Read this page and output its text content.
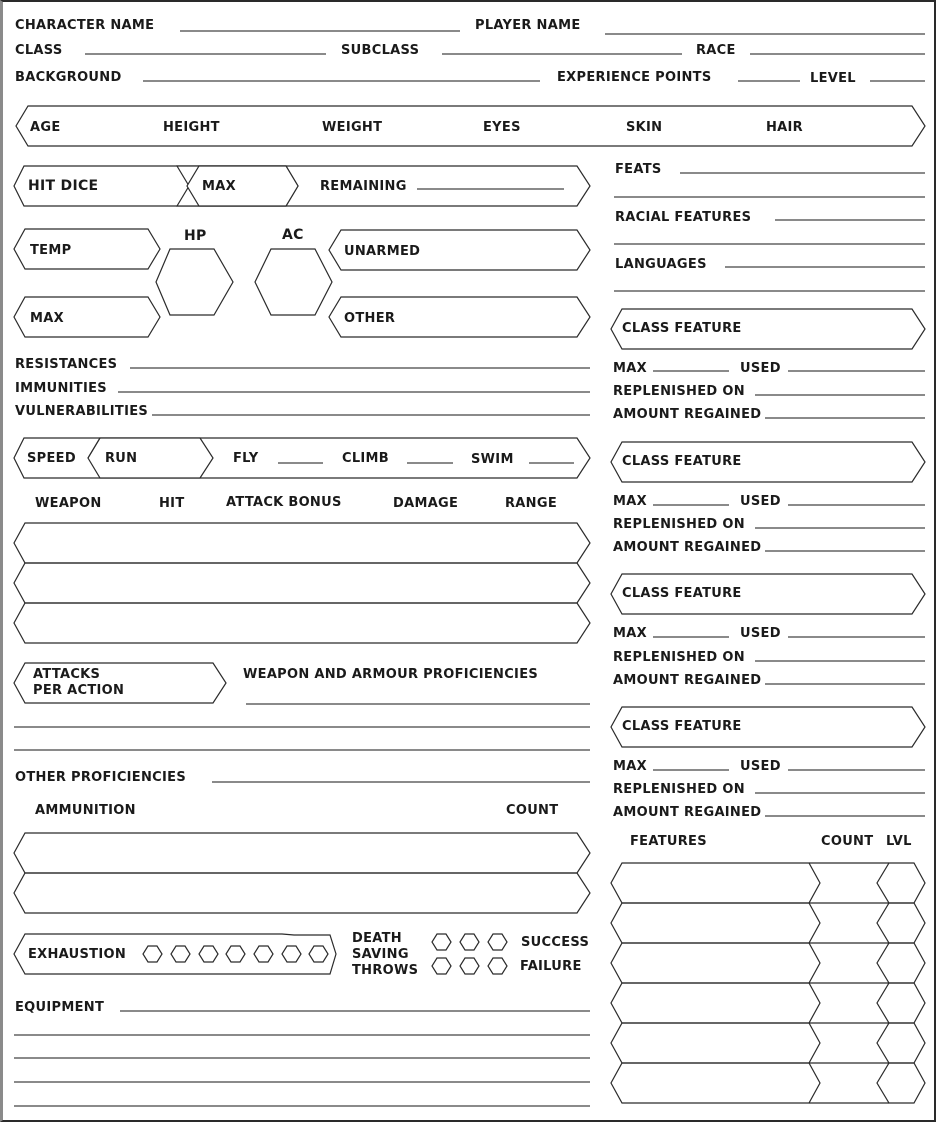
CHARACTER NAME	PLAYER NAME
CLASS	SUBCLASS	RACE
BACKGROUND	EXPERIENCE POINTS	LEVEL
AGE	HEIGHT	WEIGHT	EYES	SKIN	HAIR
HIT DICE	MAX	REMAINING
TEMP
MAX
HP	AC
UNARMED
OTHER
RESISTANCES
IMMUNITIES
VULNERABILITIES
SPEED RUN	FLY	CLIMB	SWIM
WEAPON	HIT	ATTACK BONUS	DAMAGE	RANGE
ATTACKS
PER ACTION
WEAPON AND ARMOUR PROFICIENCIES
OTHER PROFICIENCIES
AMMUNITION	COUNT
EXHAUSTION
DEATH
SAVING
THROWS
SUCCESS
FAILURE
EQUIPMENT
FEATS
RACIAL FEATURES
LANGUAGES
CLASS FEATURE
MAX	USED
REPLENISHED ON
AMOUNT REGAINED
CLASS FEATURE
MAX	USED
REPLENISHED ON
AMOUNT REGAINED
CLASS FEATURE
MAX	USED
REPLENISHED ON
AMOUNT REGAINED
CLASS FEATURE
MAX	USED
REPLENISHED ON
AMOUNT REGAINED
FEATURES	COUNT LVL
